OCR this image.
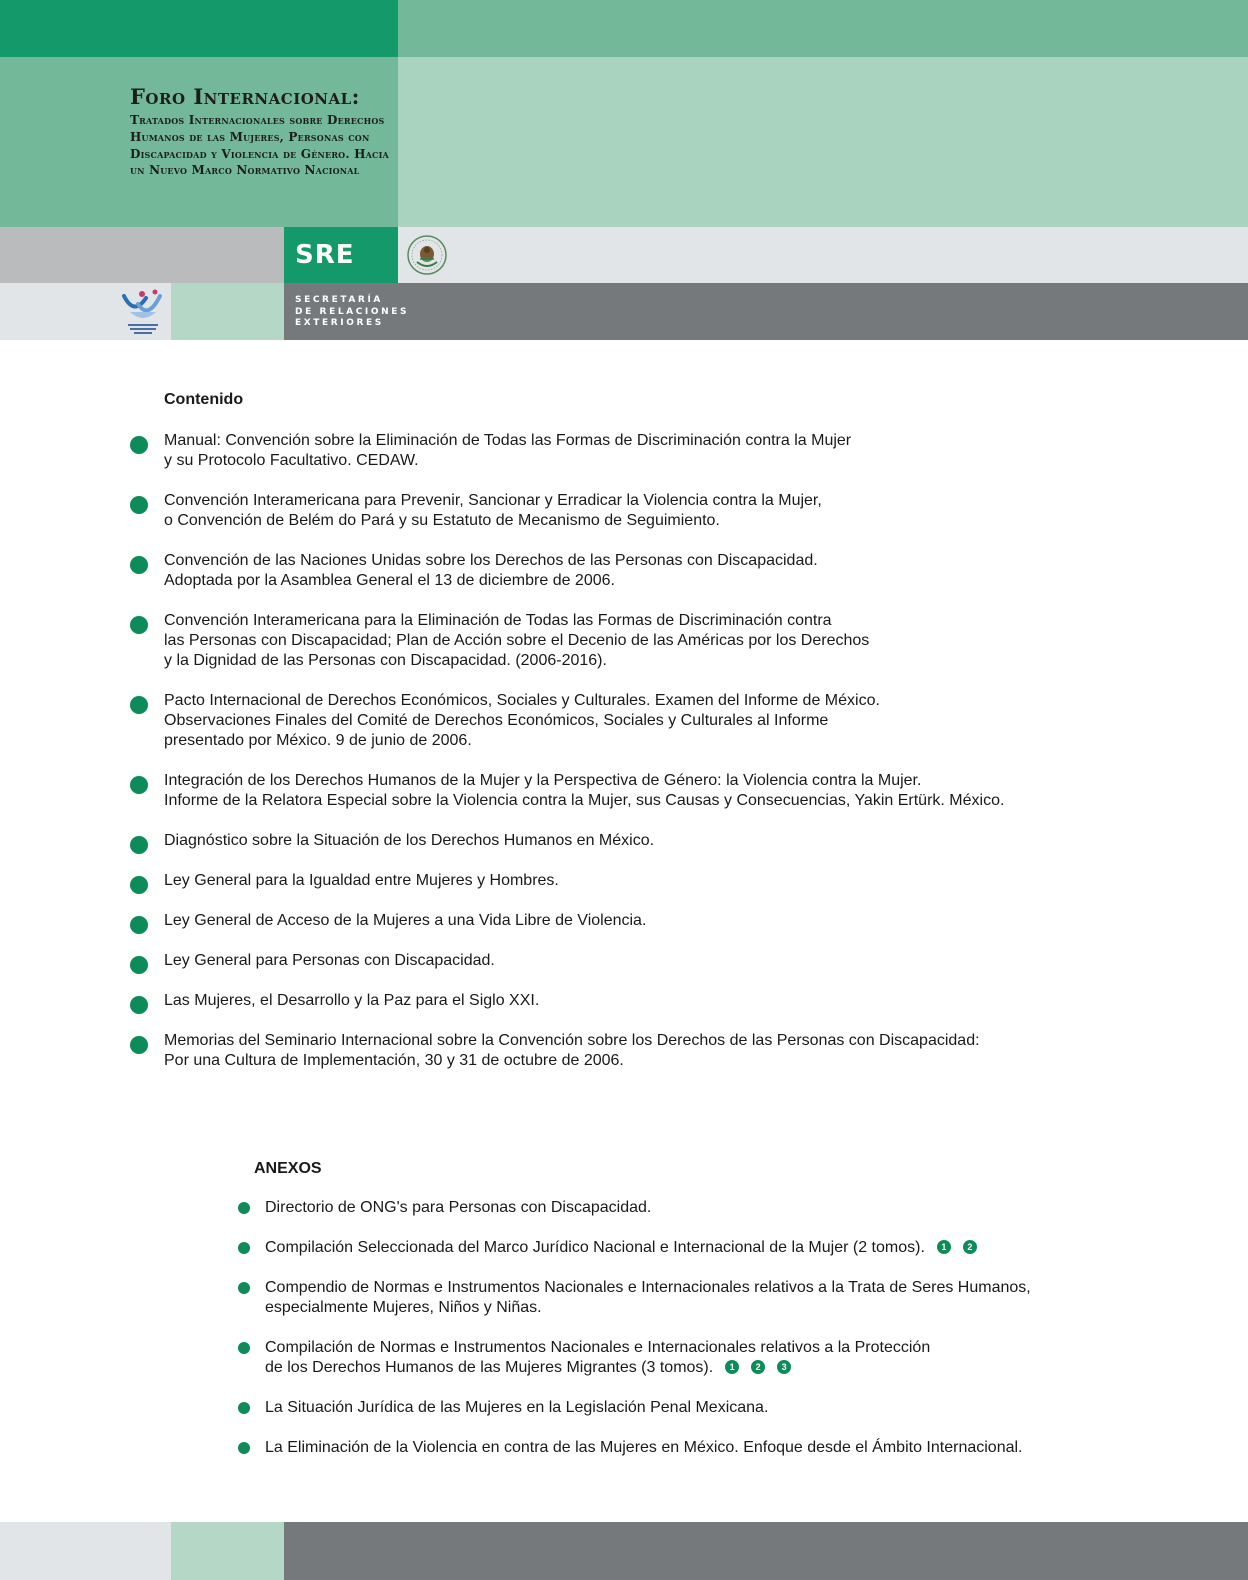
Foro Internacional:

Tratados Internacionales sobre Derechos Humanos de las Mujeres, Personas con Discapacidad y Violencia de Género. Hacia un Nuevo Marco Normativo Nacional

SRE
SECRETARÍA
DE RELACIONES
EXTERIORES
Contenido
Manual: Convención sobre la Eliminación de Todas las Formas de Discriminación contra la Mujer
y su Protocolo Facultativo. CEDAW.
Convención Interamericana para Prevenir, Sancionar y Erradicar la Violencia contra la Mujer,
o Convención de Belém do Pará y su Estatuto de Mecanismo de Seguimiento.
Convención de las Naciones Unidas sobre los Derechos de las Personas con Discapacidad.
Adoptada por la Asamblea General el 13 de diciembre de 2006.
Convención Interamericana para la Eliminación de Todas las Formas de Discriminación contra
las Personas con Discapacidad; Plan de Acción sobre el Decenio de las Américas por los Derechos
y la Dignidad de las Personas con Discapacidad. (2006-2016).
Pacto Internacional de Derechos Económicos, Sociales y Culturales. Examen del Informe de México.
Observaciones Finales del Comité de Derechos Económicos, Sociales y Culturales al Informe
presentado por México. 9 de junio de 2006.
Integración de los Derechos Humanos de la Mujer y la Perspectiva de Género: la Violencia contra la Mujer.
Informe de la Relatora Especial sobre la Violencia contra la Mujer, sus Causas y Consecuencias, Yakin Ertürk. México.
Diagnóstico sobre la Situación de los Derechos Humanos en México.
Ley General para la Igualdad entre Mujeres y Hombres.
Ley General de Acceso de la Mujeres a una Vida Libre de Violencia.
Ley General para Personas con Discapacidad.
Las Mujeres, el Desarrollo y la Paz para el Siglo XXI.
Memorias del Seminario Internacional sobre la Convención sobre los Derechos de las Personas con Discapacidad:
Por una Cultura de Implementación, 30 y 31 de octubre de 2006.
ANEXOS
Directorio de ONG's para Personas con Discapacidad.
Compilación Seleccionada del Marco Jurídico Nacional e Internacional de la Mujer (2 tomos).	1	2
Compendio de Normas e Instrumentos Nacionales e Internacionales relativos a la Trata de Seres Humanos,
especialmente Mujeres, Niños y Niñas.
Compilación de Normas e Instrumentos Nacionales e Internacionales relativos a la Protección
de los Derechos Humanos de las Mujeres Migrantes (3 tomos).	1	2	3
La Situación Jurídica de las Mujeres en la Legislación Penal Mexicana.
La Eliminación de la Violencia en contra de las Mujeres en México. Enfoque desde el Ámbito Internacional.
